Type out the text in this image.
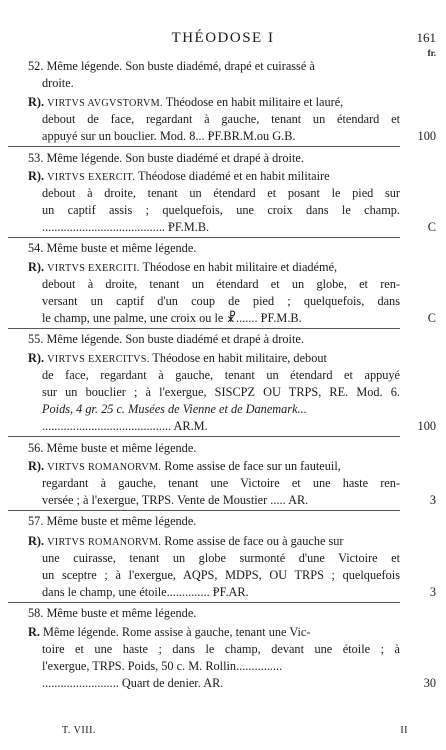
THÉODOSE I	161
fr.
52. Même légende. Son buste diadémé, drapé et cuirassé à
droite.
R). VIRTVS AVGVSTORVM. Théodose en habit militaire et lauré,
debout de face, regardant à gauche, tenant un étendard et
appuyé sur un bouclier. Mod. 8... ⱣF.BR.M.ou G.B.	100
53. Même légende. Son buste diadémé et drapé à droite.
R). VIRTVS EXERCIT. Théodose diadémé et en habit militaire
debout à droite, tenant un étendard et posant le pied sur
un captif assis ; quelquefois, une croix dans le champ.
........................................ ⱣF.M.B.	C
54. Même buste et même légende.
R). VIRTVS EXERCITI. Théodose en habit militaire et diadémé,
debout à droite, tenant un étendard et un globe, et ren-
versant un captif d'un coup de pied ; quelquefois, dans
le champ, une palme, une croix ou le ☧....... ⱣF.M.B.	C
55. Même légende. Son buste diadémé et drapé à droite.
R). VIRTVS EXERCITVS. Théodose en habit militaire, debout
de face, regardant à gauche, tenant un étendard et appuyé
sur un bouclier ; à l'exergue, SISCPZ OU TRPS, RE. Mod. 6.
Poids, 4 gr. 25 c. Musées de Vienne et de Danemark...
.......................................... AR.M.	100
56. Même buste et même légende.
R). VIRTVS ROMANORVM. Rome assise de face sur un fauteuil,
regardant à gauche, tenant une Victoire et une haste ren-
versée ; à l'exergue, TRPS. Vente de Moustier ..... AR.	3
57. Même buste et même légende.
R). VIRTVS ROMANORVM. Rome assise de face ou à gauche sur
une cuirasse, tenant un globe surmonté d'une Victoire et
un sceptre ; à l'exergue, AQPS, MDPS, OU TRPS ; quelquefois
dans le champ, une étoile.............. ⱣF.AR.	3
58. Même buste et même légende.
R. Même légende. Rome assise à gauche, tenant une Vic-
toire et une haste ; dans le champ, devant une étoile ; à
l'exergue, TRPS. Poids, 50 c. M. Rollin...............
......................... Quart de denier. AR.	30
T. VIII.	II
